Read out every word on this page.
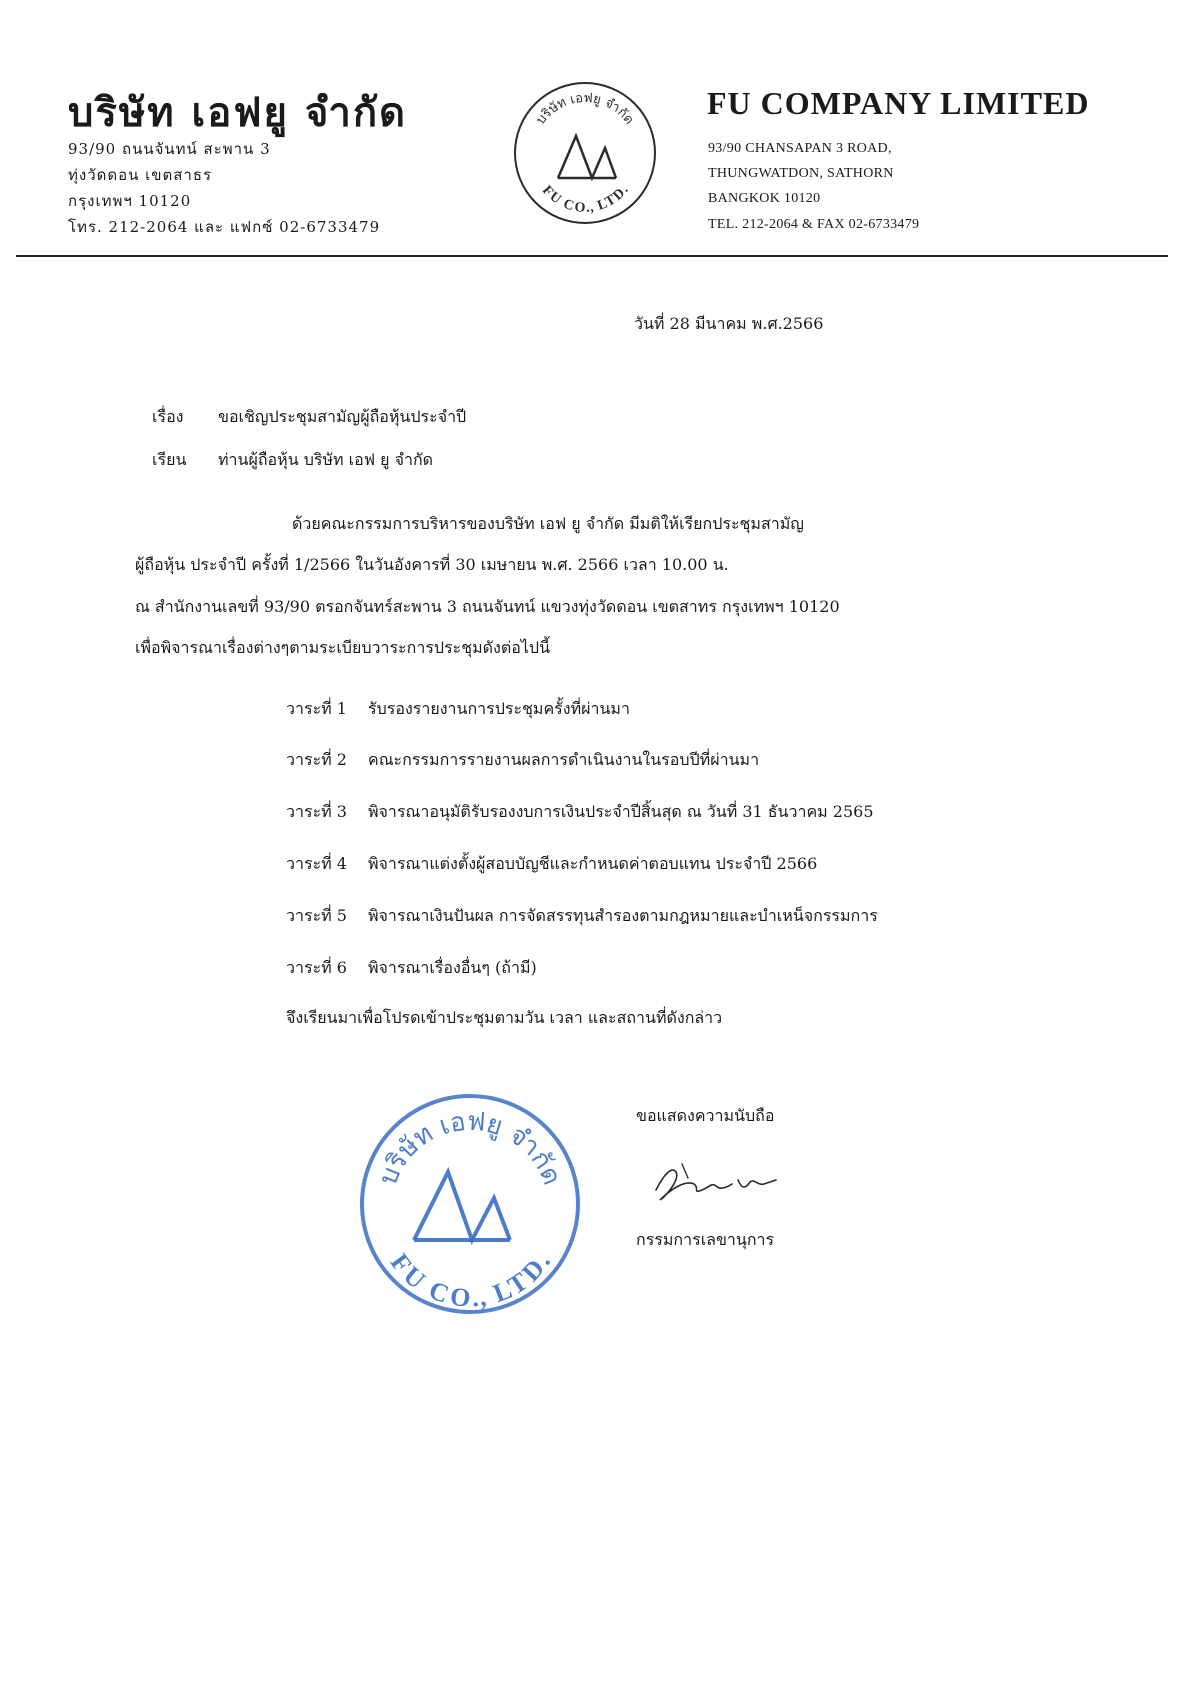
บริษัท เอฟยู จำกัด
93/90 ถนนจันทน์ สะพาน 3
ทุ่งวัดดอน เขตสาธร
กรุงเทพฯ 10120
โทร. 212-2064 และ แฟกซ์ 02-6733479
บริษัท เอฟยู จำกัด
FU CO., LTD.
FU COMPANY LIMITED
93/90 CHANSAPAN 3 ROAD,
THUNGWATDON, SATHORN
BANGKOK 10120
TEL. 212-2064 & FAX 02-6733479
วันที่ 28 มีนาคม พ.ศ.2566
เรื่อง ขอเชิญประชุมสามัญผู้ถือหุ้นประจำปี
เรียน ท่านผู้ถือหุ้น บริษัท เอฟ ยู จำกัด
ด้วยคณะกรรมการบริหารของบริษัท เอฟ ยู จำกัด มีมติให้เรียกประชุมสามัญ
ผู้ถือหุ้น ประจำปี ครั้งที่ 1/2566 ในวันอังคารที่ 30 เมษายน พ.ศ. 2566 เวลา 10.00 น.
ณ สำนักงานเลขที่ 93/90 ตรอกจันทร์สะพาน 3 ถนนจันทน์ แขวงทุ่งวัดดอน เขตสาทร กรุงเทพฯ 10120
เพื่อพิจารณาเรื่องต่างๆตามระเบียบวาระการประชุมดังต่อไปนี้
วาระที่ 1 รับรองรายงานการประชุมครั้งที่ผ่านมา
วาระที่ 2 คณะกรรมการรายงานผลการดำเนินงานในรอบปีที่ผ่านมา
วาระที่ 3 พิจารณาอนุมัติรับรองงบการเงินประจำปีสิ้นสุด ณ วันที่ 31 ธันวาคม 2565
วาระที่ 4 พิจารณาแต่งตั้งผู้สอบบัญชีและกำหนดค่าตอบแทน ประจำปี 2566
วาระที่ 5 พิจารณาเงินปันผล การจัดสรรทุนสำรองตามกฎหมายและบำเหน็จกรรมการ
วาระที่ 6 พิจารณาเรื่องอื่นๆ (ถ้ามี)
จึงเรียนมาเพื่อโปรดเข้าประชุมตามวัน เวลา และสถานที่ดังกล่าว
บริษัท เอฟยู จำกัด
FU CO., LTD.
ขอแสดงความนับถือ
กรรมการเลขานุการ
